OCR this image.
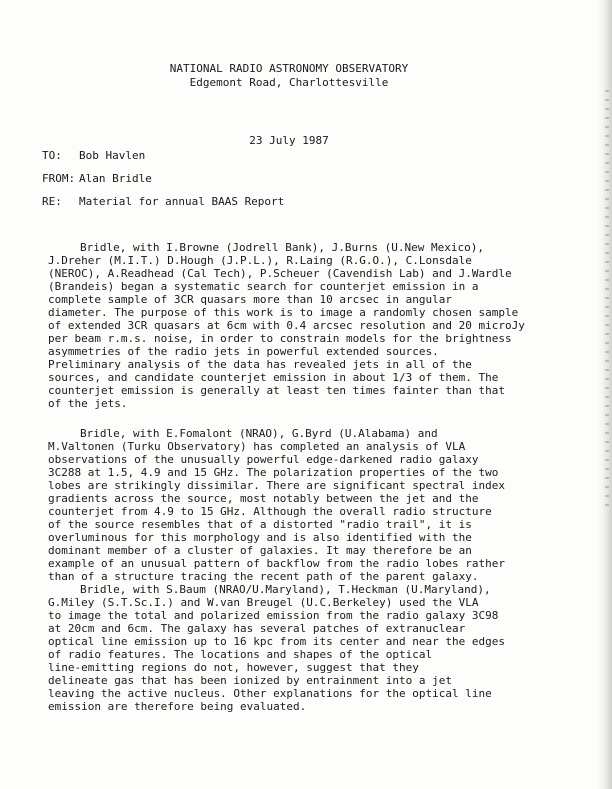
NATIONAL RADIO ASTRONOMY OBSERVATORY
Edgemont Road, Charlottesville
23 July 1987
TO: Bob Havlen
FROM: Alan Bridle
RE: Material for annual BAAS Report
Bridle, with I.Browne (Jodrell Bank), J.Burns (U.New Mexico),
J.Dreher (M.I.T.) D.Hough (J.P.L.), R.Laing (R.G.O.), C.Lonsdale
(NEROC), A.Readhead (Cal Tech), P.Scheuer (Cavendish Lab) and J.Wardle
(Brandeis) began a systematic search for counterjet emission in a
complete sample of 3CR quasars more than 10 arcsec in angular
diameter. The purpose of this work is to image a randomly chosen sample
of extended 3CR quasars at 6cm with 0.4 arcsec resolution and 20 microJy
per beam r.m.s. noise, in order to constrain models for the brightness
asymmetries of the radio jets in powerful extended sources.
Preliminary analysis of the data has revealed jets in all of the
sources, and candidate counterjet emission in about 1/3 of them. The
counterjet emission is generally at least ten times fainter than that
of the jets.
Bridle, with E.Fomalont (NRAO), G.Byrd (U.Alabama) and
M.Valtonen (Turku Observatory) has completed an analysis of VLA
observations of the unusually powerful edge-darkened radio galaxy
3C288 at 1.5, 4.9 and 15 GHz. The polarization properties of the two
lobes are strikingly dissimilar. There are significant spectral index
gradients across the source, most notably between the jet and the
counterjet from 4.9 to 15 GHz. Although the overall radio structure
of the source resembles that of a distorted "radio trail", it is
overluminous for this morphology and is also identified with the
dominant member of a cluster of galaxies. It may therefore be an
example of an unusual pattern of backflow from the radio lobes rather
than of a structure tracing the recent path of the parent galaxy.
Bridle, with S.Baum (NRAO/U.Maryland), T.Heckman (U.Maryland),
G.Miley (S.T.Sc.I.) and W.van Breugel (U.C.Berkeley) used the VLA
to image the total and polarized emission from the radio galaxy 3C98
at 20cm and 6cm. The galaxy has several patches of extranuclear
optical line emission up to 16 kpc from its center and near the edges
of radio features. The locations and shapes of the optical
line-emitting regions do not, however, suggest that they
delineate gas that has been ionized by entrainment into a jet
leaving the active nucleus. Other explanations for the optical line
emission are therefore being evaluated.
